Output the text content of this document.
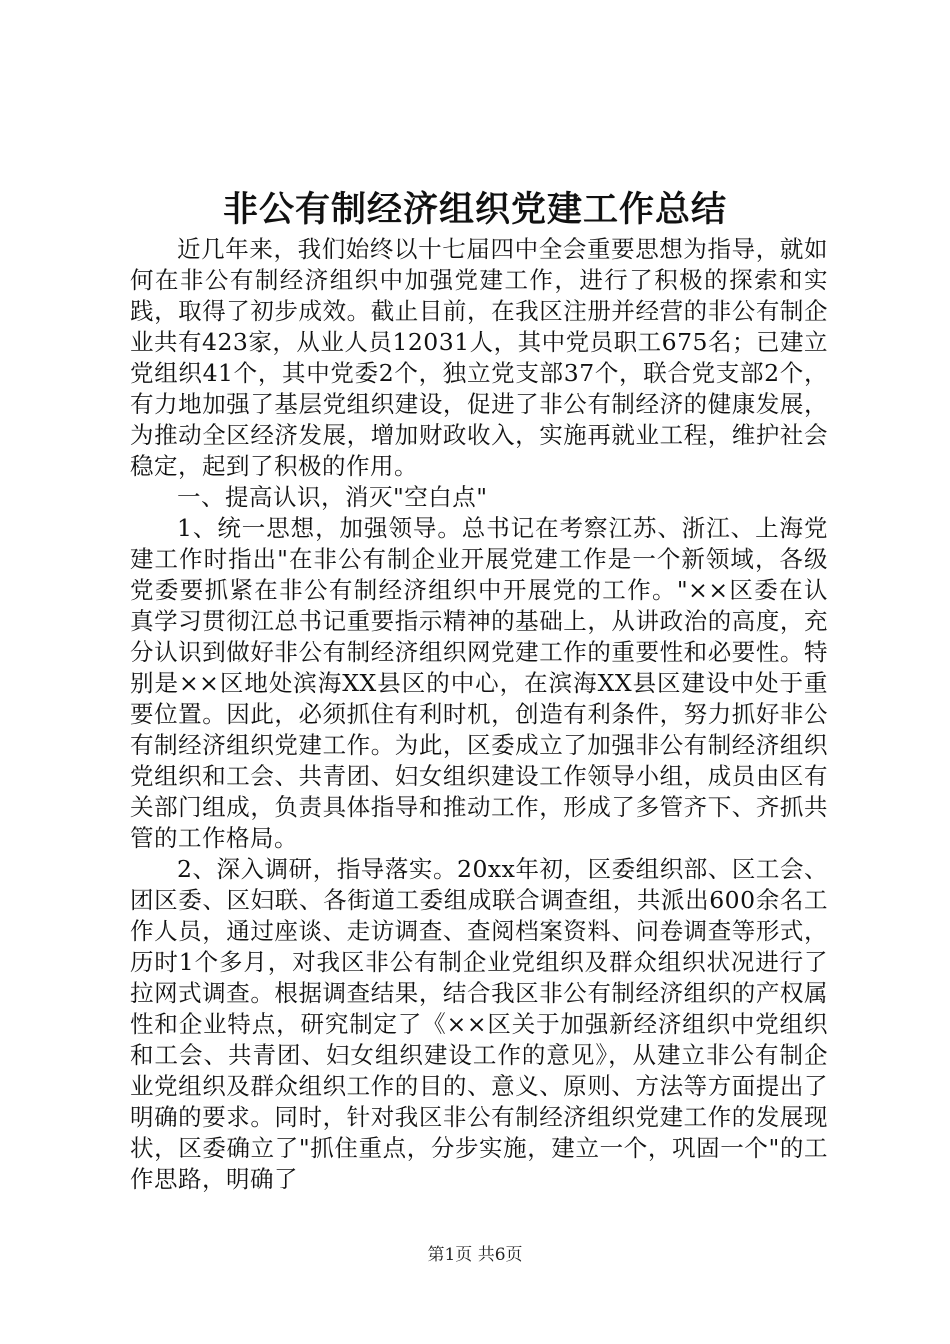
非公有制经济组织党建工作总结

近几年来，我们始终以十七届四中全会重要思想为指导，就如何在非公有制经济组织中加强党建工作，进行了积极的探索和实践，取得了初步成效。截止目前，在我区注册并经营的非公有制企业共有423家，从业人员12031人，其中党员职工675名；已建立党组织41个，其中党委2个，独立党支部37个，联合党支部2个，有力地加强了基层党组织建设，促进了非公有制经济的健康发展，为推动全区经济发展，增加财政收入，实施再就业工程，维护社会稳定，起到了积极的作用。

一、提高认识，消灭"空白点"

1、统一思想，加强领导。总书记在考察江苏、浙江、上海党建工作时指出"在非公有制企业开展党建工作是一个新领域，各级党委要抓紧在非公有制经济组织中开展党的工作。"××区委在认真学习贯彻江总书记重要指示精神的基础上，从讲政治的高度，充分认识到做好非公有制经济组织网党建工作的重要性和必要性。特别是××区地处滨海XX县区的中心，在滨海XX县区建设中处于重要位置。因此，必须抓住有利时机，创造有利条件，努力抓好非公有制经济组织党建工作。为此，区委成立了加强非公有制经济组织党组织和工会、共青团、妇女组织建设工作领导小组，成员由区有关部门组成，负责具体指导和推动工作，形成了多管齐下、齐抓共管的工作格局。

2、深入调研，指导落实。20xx年初，区委组织部、区工会、团区委、区妇联、各街道工委组成联合调查组，共派出600余名工作人员，通过座谈、走访调查、查阅档案资料、问卷调查等形式，历时1个多月，对我区非公有制企业党组织及群众组织状况进行了拉网式调查。根据调查结果，结合我区非公有制经济组织的产权属性和企业特点，研究制定了《××区关于加强新经济组织中党组织和工会、共青团、妇女组织建设工作的意见》，从建立非公有制企业党组织及群众组织工作的目的、意义、原则、方法等方面提出了明确的要求。同时，针对我区非公有制经济组织党建工作的发展现状，区委确立了"抓住重点，分步实施，建立一个，巩固一个"的工作思路，明确了

第1页 共6页
